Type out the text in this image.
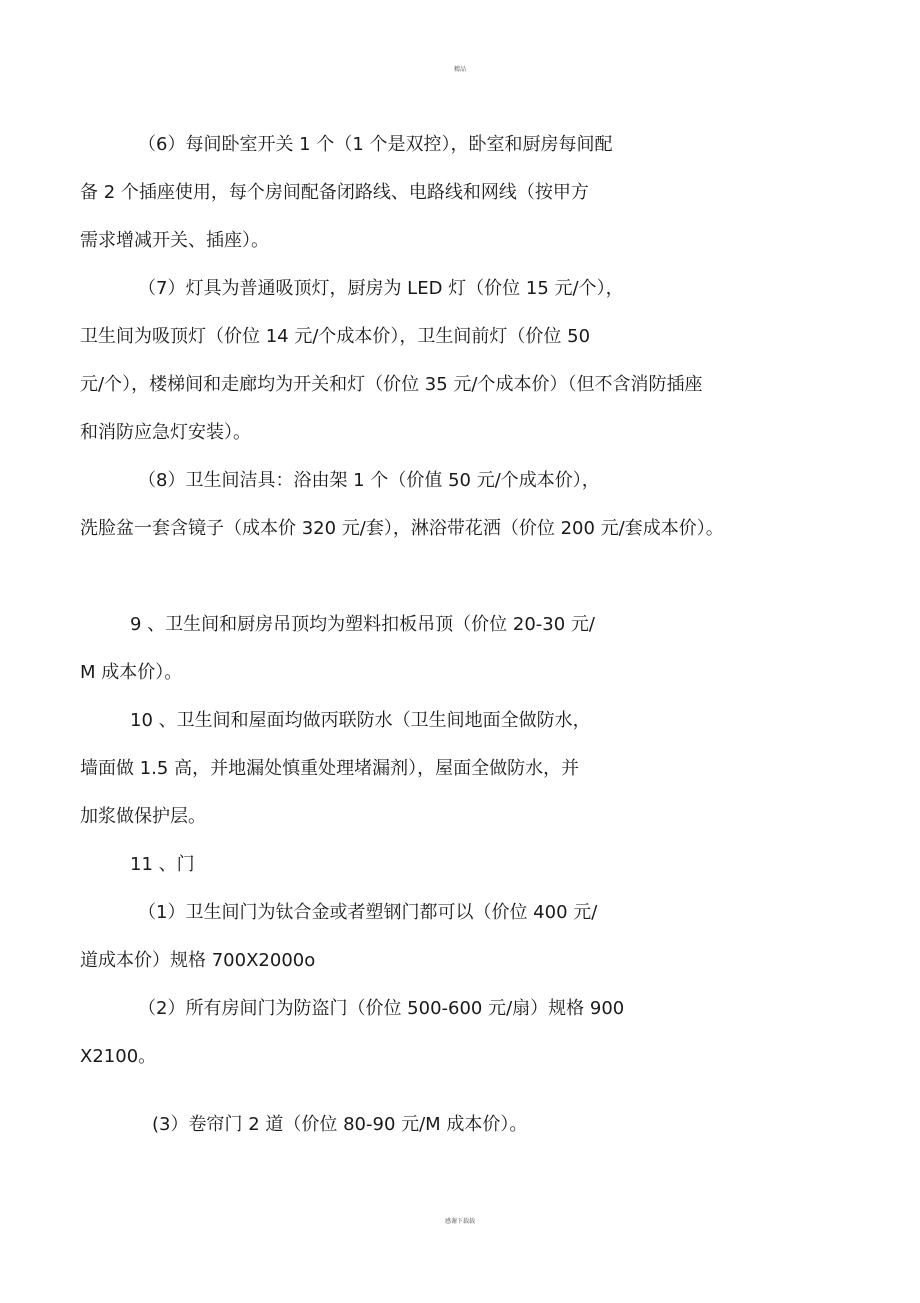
精品
（6）每间卧室开关 1 个（1 个是双控），卧室和厨房每间配
备 2 个插座使用，每个房间配备闭路线、电路线和网线（按甲方
需求增减开关、插座）。
（7）灯具为普通吸顶灯，厨房为 LED 灯（价位 15 元/个），
卫生间为吸顶灯（价位 14 元/个成本价），卫生间前灯（价位 50
元/个），楼梯间和走廊均为开关和灯（价位 35 元/个成本价）（但不含消防插座
和消防应急灯安装）。
（8）卫生间洁具：浴由架 1 个（价值 50 元/个成本价），
洗脸盆一套含镜子（成本价 320 元/套），淋浴带花洒（价位 200 元/套成本价）。
9 、卫生间和厨房吊顶均为塑料扣板吊顶（价位 20-30 元/
M 成本价）。
10 、卫生间和屋面均做丙联防水（卫生间地面全做防水，
墙面做 1.5 高，并地漏处慎重处理堵漏剂），屋面全做防水，并
加浆做保护层。
11 、门
（1）卫生间门为钛合金或者塑钢门都可以（价位 400 元/
道成本价）规格 700X2000o
（2）所有房间门为防盗门（价位 500-600 元/扇）规格 900
X2100。
(3）卷帘门 2 道（价位 80-90 元/M 成本价）。
感谢下载载
